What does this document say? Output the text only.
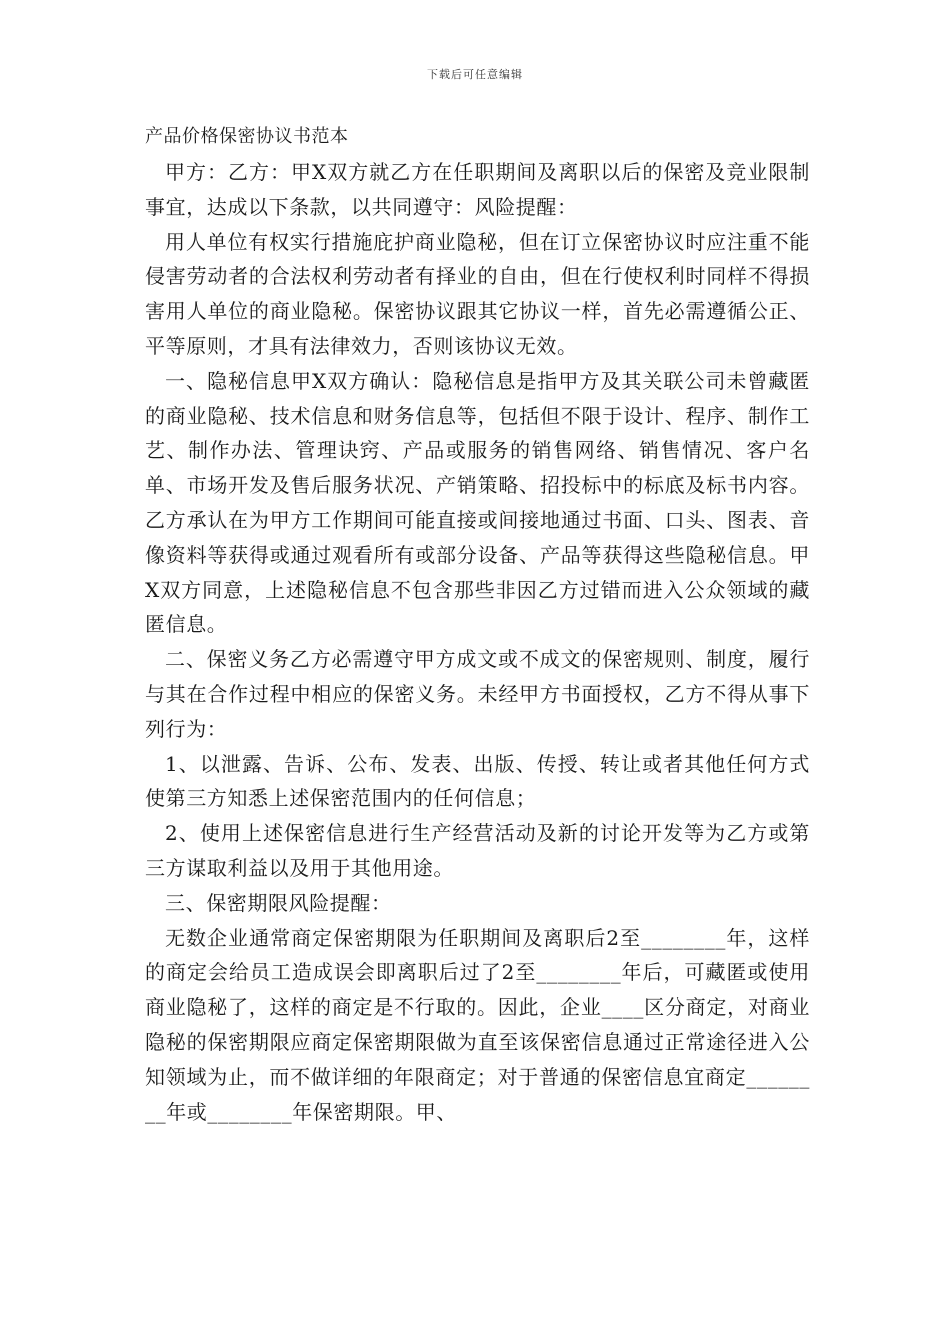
下载后可任意编辑
产品价格保密协议书范本

甲方：乙方：甲X双方就乙方在任职期间及离职以后的保密及竞业限制事宜，达成以下条款，以共同遵守：风险提醒：

用人单位有权实行措施庇护商业隐秘，但在订立保密协议时应注重不能侵害劳动者的合法权利劳动者有择业的自由，但在行使权利时同样不得损害用人单位的商业隐秘。保密协议跟其它协议一样，首先必需遵循公正、平等原则，才具有法律效力，否则该协议无效。

一、隐秘信息甲X双方确认：隐秘信息是指甲方及其关联公司未曾藏匿的商业隐秘、技术信息和财务信息等，包括但不限于设计、程序、制作工艺、制作办法、管理诀窍、产品或服务的销售网络、销售情况、客户名单、市场开发及售后服务状况、产销策略、招投标中的标底及标书内容。乙方承认在为甲方工作期间可能直接或间接地通过书面、口头、图表、音像资料等获得或通过观看所有或部分设备、产品等获得这些隐秘信息。甲X双方同意，上述隐秘信息不包含那些非因乙方过错而进入公众领域的藏匿信息。

二、保密义务乙方必需遵守甲方成文或不成文的保密规则、制度，履行与其在合作过程中相应的保密义务。未经甲方书面授权，乙方不得从事下列行为：

1、以泄露、告诉、公布、发表、出版、传授、转让或者其他任何方式使第三方知悉上述保密范围内的任何信息；

2、使用上述保密信息进行生产经营活动及新的讨论开发等为乙方或第三方谋取利益以及用于其他用途。

三、保密期限风险提醒：

无数企业通常商定保密期限为任职期间及离职后2至________年，这样的商定会给员工造成误会即离职后过了2至________年后，可藏匿或使用商业隐秘了，这样的商定是不行取的。因此，企业____区分商定，对商业隐秘的保密期限应商定保密期限做为直至该保密信息通过正常途径进入公知领域为止，而不做详细的年限商定；对于普通的保密信息宜商定________年或________年保密期限。甲、
